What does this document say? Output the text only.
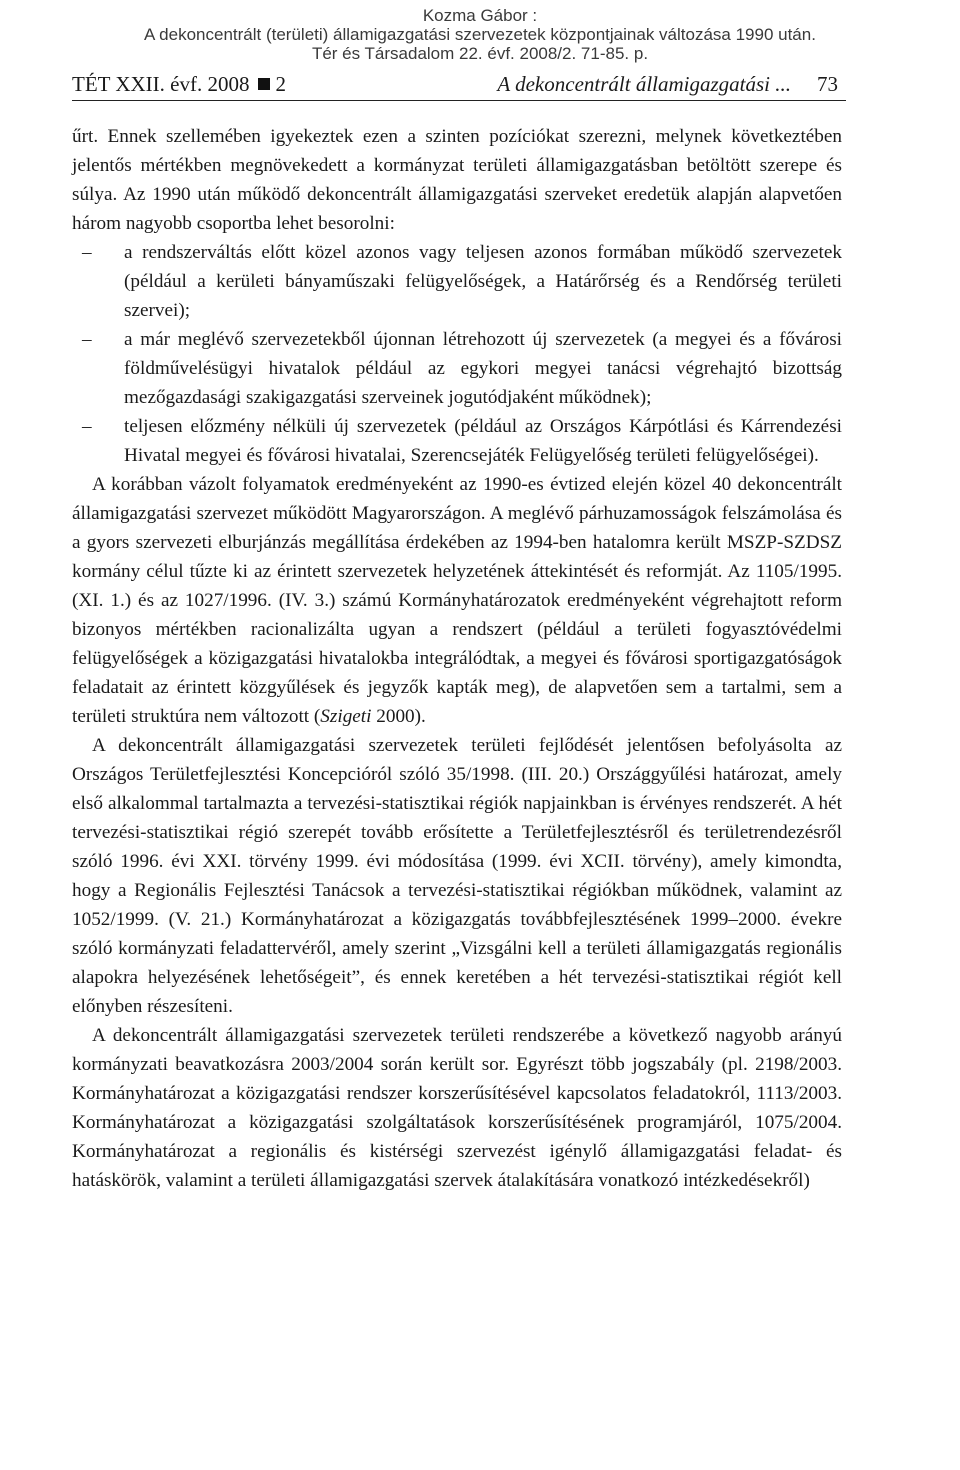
Kozma Gábor :
A dekoncentrált (területi) államigazgatási szervezetek központjainak változása 1990 után.
Tér és Társadalom 22. évf. 2008/2. 71-85. p.
TÉT XXII. évf. 2008 2	A dekoncentrált államigazgatási ... 73

űrt. Ennek szellemében igyekeztek ezen a szinten pozíciókat szerezni, melynek következtében jelentős mértékben megnövekedett a kormányzat területi államigazgatásban betöltött szerepe és súlya. Az 1990 után működő dekoncentrált államigazgatási szerveket eredetük alapján alapvetően három nagyobb csoportba lehet besorolni:

– a rendszerváltás előtt közel azonos vagy teljesen azonos formában működő szervezetek (például a kerületi bányaműszaki felügyelőségek, a Határőrség és a Rendőrség területi szervei);
– a már meglévő szervezetekből újonnan létrehozott új szervezetek (a megyei és a fővárosi földművelésügyi hivatalok például az egykori megyei tanácsi végrehajtó bizottság mezőgazdasági szakigazgatási szerveinek jogutódjaként működnek);
– teljesen előzmény nélküli új szervezetek (például az Országos Kárpótlási és Kárrendezési Hivatal megyei és fővárosi hivatalai, Szerencsejáték Felügyelőség területi felügyelőségei).

A korábban vázolt folyamatok eredményeként az 1990-es évtized elején közel 40 dekoncentrált államigazgatási szervezet működött Magyarországon. A meglévő párhuzamosságok felszámolása és a gyors szervezeti elburjánzás megállítása érdekében az 1994-ben hatalomra került MSZP-SZDSZ kormány célul tűzte ki az érintett szervezetek helyzetének áttekintését és reformját. Az 1105/1995. (XI. 1.) és az 1027/1996. (IV. 3.) számú Kormányhatározatok eredményeként végrehajtott reform bizonyos mértékben racionalizálta ugyan a rendszert (például a területi fogyasztóvédelmi felügyelőségek a közigazgatási hivatalokba integrálódtak, a megyei és fővárosi sportigazgatóságok feladatait az érintett közgyűlések és jegyzők kapták meg), de alapvetően sem a tartalmi, sem a területi struktúra nem változott (Szigeti 2000).

A dekoncentrált államigazgatási szervezetek területi fejlődését jelentősen befolyásolta az Országos Területfejlesztési Koncepcióról szóló 35/1998. (III. 20.) Országgyűlési határozat, amely első alkalommal tartalmazta a tervezési-statisztikai régiók napjainkban is érvényes rendszerét. A hét tervezési-statisztikai régió szerepét tovább erősítette a Területfejlesztésről és területrendezésről szóló 1996. évi XXI. törvény 1999. évi módosítása (1999. évi XCII. törvény), amely kimondta, hogy a Regionális Fejlesztési Tanácsok a tervezési-statisztikai régiókban működnek, valamint az 1052/1999. (V. 21.) Kormányhatározat a közigazgatás továbbfejlesztésének 1999–2000. évekre szóló kormányzati feladattervéről, amely szerint „Vizsgálni kell a területi államigazgatás regionális alapokra helyezésének lehetőségeit”, és ennek keretében a hét tervezési-statisztikai régiót kell előnyben részesíteni.

A dekoncentrált államigazgatási szervezetek területi rendszerébe a következő nagyobb arányú kormányzati beavatkozásra 2003/2004 során került sor. Egyrészt több jogszabály (pl. 2198/2003. Kormányhatározat a közigazgatási rendszer korszerűsítésével kapcsolatos feladatokról, 1113/2003. Kormányhatározat a közigazgatási szolgáltatások korszerűsítésének programjáról, 1075/2004. Kormányhatározat a regionális és kistérségi szervezést igénylő államigazgatási feladat- és hatáskörök, valamint a területi államigazgatási szervek átalakítására vonatkozó intézkedésekről)
